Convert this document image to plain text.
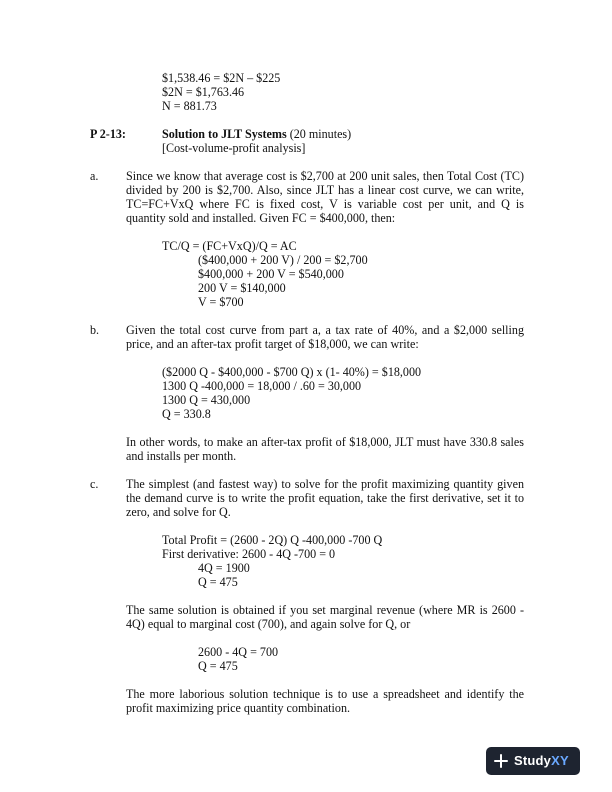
$1,538.46 = $2N – $225
$2N = $1,763.46
N = 881.73
P 2-13:	Solution to JLT Systems (20 minutes)
[Cost-volume-profit analysis]
a. Since we know that average cost is $2,700 at 200 unit sales, then Total Cost (TC) divided by 200 is $2,700. Also, since JLT has a linear cost curve, we can write, TC=FC+VxQ where FC is fixed cost, V is variable cost per unit, and Q is quantity sold and installed. Given FC = $400,000, then:
TC/Q = (FC+VxQ)/Q = AC
($400,000 + 200 V) / 200 = $2,700
$400,000 + 200 V = $540,000
200 V = $140,000
V = $700
b. Given the total cost curve from part a, a tax rate of 40%, and a $2,000 selling price, and an after-tax profit target of $18,000, we can write:
($2000 Q - $400,000 - $700 Q) x (1- 40%) = $18,000
1300 Q -400,000 = 18,000 / .60 = 30,000
1300 Q = 430,000
Q = 330.8
In other words, to make an after-tax profit of $18,000, JLT must have 330.8 sales and installs per month.
c. The simplest (and fastest way) to solve for the profit maximizing quantity given the demand curve is to write the profit equation, take the first derivative, set it to zero, and solve for Q.
Total Profit = (2600 - 2Q) Q -400,000 -700 Q
First derivative: 2600 - 4Q -700 = 0
4Q = 1900
Q = 475
The same solution is obtained if you set marginal revenue (where MR is 2600 - 4Q) equal to marginal cost (700), and again solve for Q, or
2600 - 4Q = 700
Q = 475
The more laborious solution technique is to use a spreadsheet and identify the profit maximizing price quantity combination.
StudyXY
